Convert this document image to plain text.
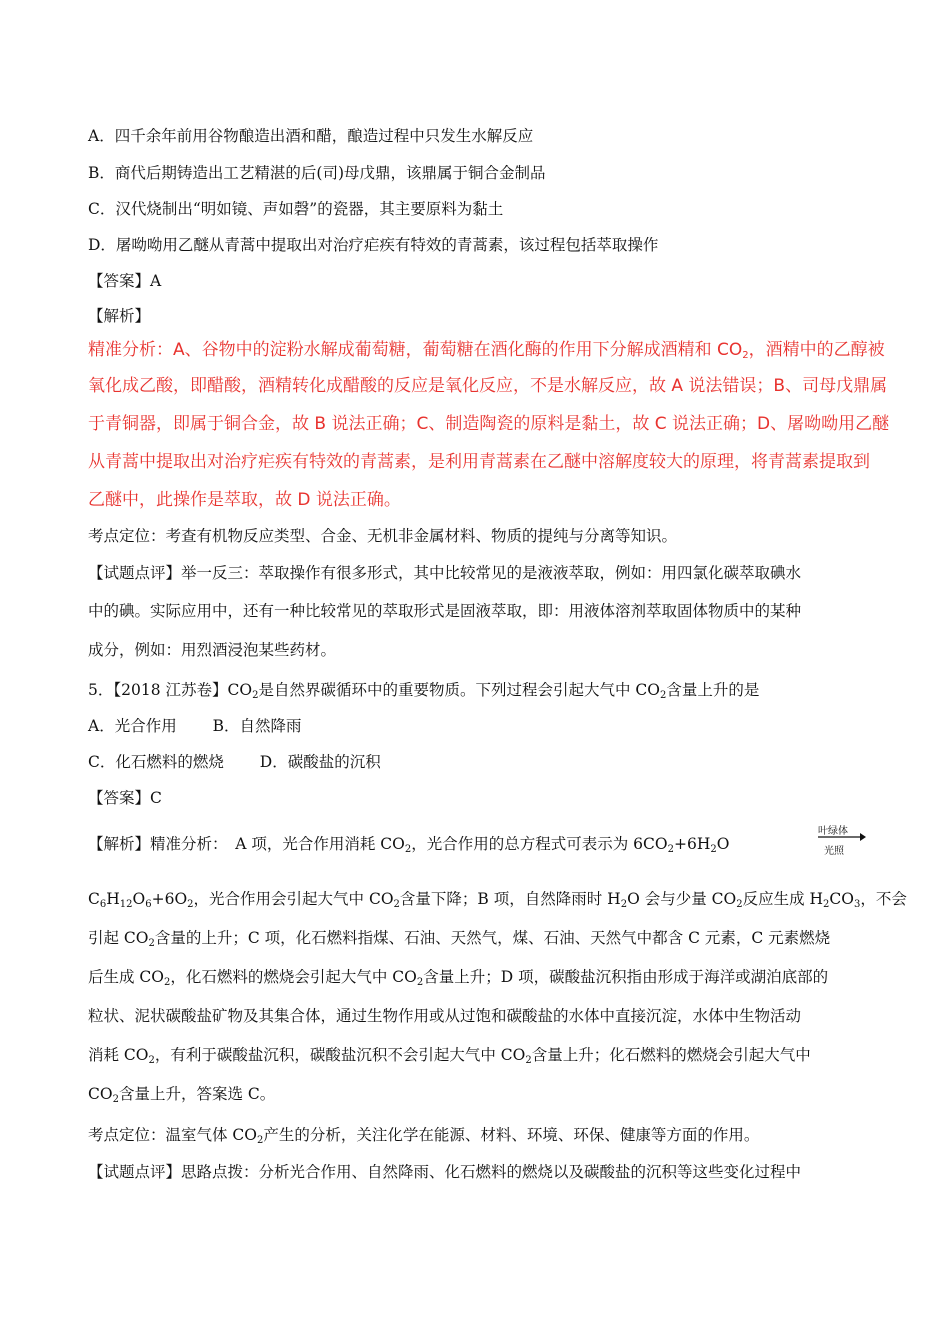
A．四千余年前用谷物酿造出酒和醋，酿造过程中只发生水解反应
B．商代后期铸造出工艺精湛的后(司)母戊鼎，该鼎属于铜合金制品
C．汉代烧制出“明如镜、声如磬”的瓷器，其主要原料为黏土
D．屠呦呦用乙醚从青蒿中提取出对治疗疟疾有特效的青蒿素，该过程包括萃取操作
【答案】A
【解析】
精准分析：A、谷物中的淀粉水解成葡萄糖，葡萄糖在酒化酶的作用下分解成酒精和 $CO_2$，酒精中的乙醇被
氧化成乙酸，即醋酸，酒精转化成醋酸的反应是氧化反应，不是水解反应，故 A 说法错误；B、司母戊鼎属
于青铜器，即属于铜合金，故 B 说法正确；C、制造陶瓷的原料是黏土，故 C 说法正确；D、屠呦呦用乙醚
从青蒿中提取出对治疗疟疾有特效的青蒿素，是利用青蒿素在乙醚中溶解度较大的原理，将青蒿素提取到
乙醚中，此操作是萃取，故 D 说法正确。
考点定位：考查有机物反应类型、合金、无机非金属材料、物质的提纯与分离等知识。
【试题点评】举一反三：萃取操作有很多形式，其中比较常见的是液液萃取，例如：用四氯化碳萃取碘水
中的碘。实际应用中，还有一种比较常见的萃取形式是固液萃取，即：用液体溶剂萃取固体物质中的某种
成分，例如：用烈酒浸泡某些药材。
5．【2018 江苏卷】$CO_2$是自然界碳循环中的重要物质。下列过程会引起大气中 $CO_2$含量上升的是
A．光合作用　　 B．自然降雨
C．化石燃料的燃烧　　 D．碳酸盐的沉积
【答案】C
【解析】精准分析：　A 项，光合作用消耗 $CO_2$，光合作用的总方程式可表示为 $6CO_2+6H_2O$
叶绿体
光照
$C_6H_{12}O_6+6O_2$，光合作用会引起大气中 $CO_2$含量下降；B 项，自然降雨时 $H_2O$ 会与少量 $CO_2$反应生成 $H_2CO_3$，不会
引起 $CO_2$含量的上升；C 项，化石燃料指煤、石油、天然气，煤、石油、天然气中都含 C 元素，C 元素燃烧
后生成 $CO_2$，化石燃料的燃烧会引起大气中 $CO_2$含量上升；D 项，碳酸盐沉积指由形成于海洋或湖泊底部的
粒状、泥状碳酸盐矿物及其集合体，通过生物作用或从过饱和碳酸盐的水体中直接沉淀，水体中生物活动
消耗 $CO_2$，有利于碳酸盐沉积，碳酸盐沉积不会引起大气中 $CO_2$含量上升；化石燃料的燃烧会引起大气中
$CO_2$含量上升，答案选 C。
考点定位：温室气体 $CO_2$产生的分析，关注化学在能源、材料、环境、环保、健康等方面的作用。
【试题点评】思路点拨：分析光合作用、自然降雨、化石燃料的燃烧以及碳酸盐的沉积等这些变化过程中
